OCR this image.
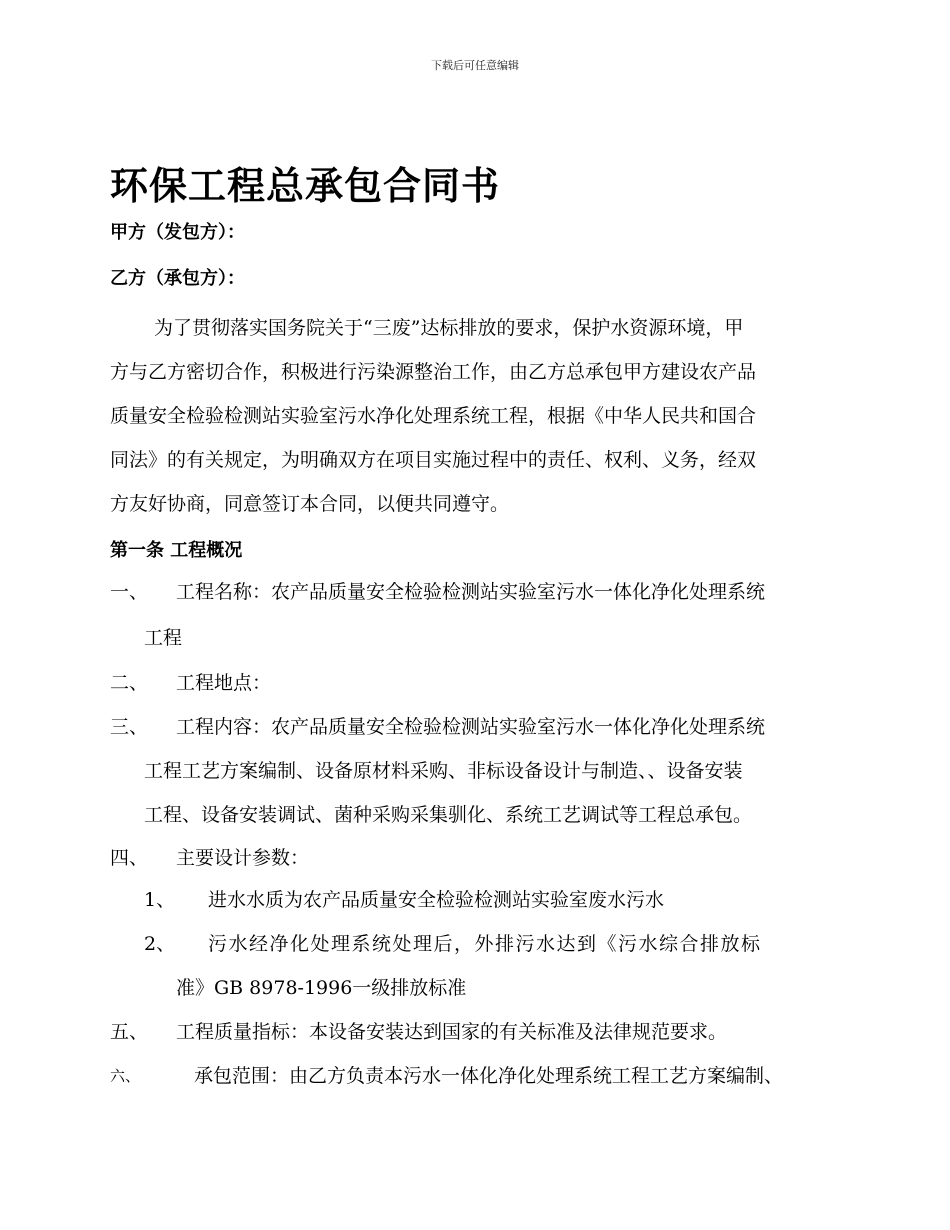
下载后可任意编辑
环保工程总承包合同书
甲方（发包方）：
乙方（承包方）：
为了贯彻落实国务院关于“三废”达标排放的要求，保护水资源环境，甲
方与乙方密切合作，积极进行污染源整治工作，由乙方总承包甲方建设农产品
质量安全检验检测站实验室污水净化处理系统工程，根据《中华人民共和国合
同法》的有关规定，为明确双方在项目实施过程中的责任、权利、义务，经双
方友好协商，同意签订本合同，以便共同遵守。
第一条 工程概况
一、	工程名称：农产品质量安全检验检测站实验室污水一体化净化处理系统
工程
二、	工程地点：
三、	工程内容：农产品质量安全检验检测站实验室污水一体化净化处理系统
工程工艺方案编制、设备原材料采购、非标设备设计与制造、、设备安装
工程、设备安装调试、菌种采购采集驯化、系统工艺调试等工程总承包。
四、	主要设计参数：
1、	进水水质为农产品质量安全检验检测站实验室废水污水
2、	污水经净化处理系统处理后，外排污水达到《污水综合排放标
准》GB 8978-1996一级排放标准
五、	工程质量指标：本设备安装达到国家的有关标准及法律规范要求。
六、	承包范围：由乙方负责本污水一体化净化处理系统工程工艺方案编制、
